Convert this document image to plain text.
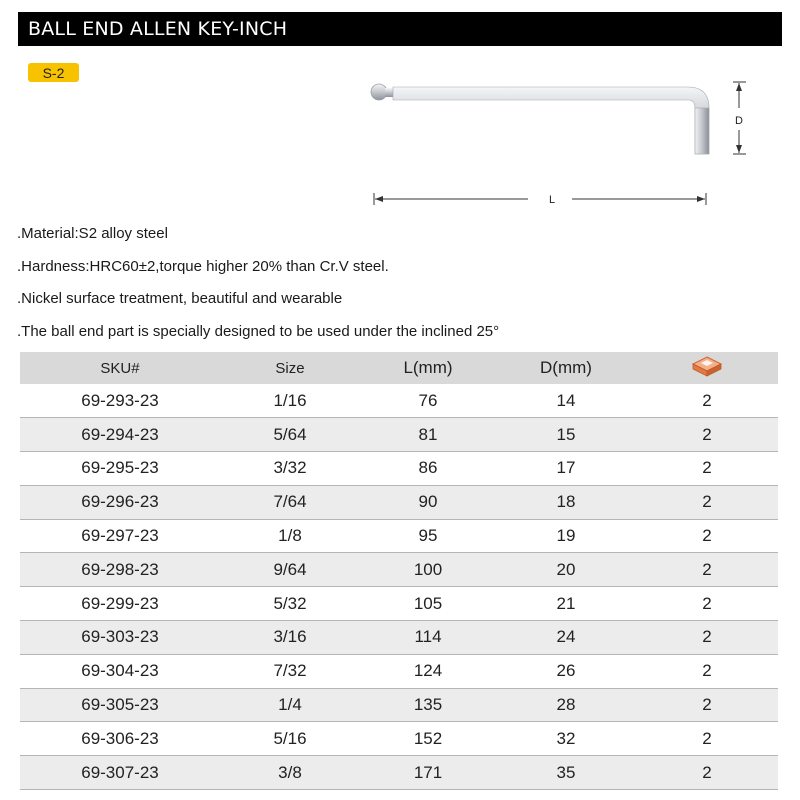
BALL END ALLEN KEY-INCH
S-2
D
L
.Material:S2 alloy steel
.Hardness:HRC60±2,torque higher 20% than Cr.V steel.
.Nickel surface treatment, beautiful and wearable
.The ball end part is specially designed to be used under the inclined 25°
SKU#	Size	L(mm)	D(mm)	
69-293-23	1/16	76	14	2
69-294-23	5/64	81	15	2
69-295-23	3/32	86	17	2
69-296-23	7/64	90	18	2
69-297-23	1/8	95	19	2
69-298-23	9/64	100	20	2
69-299-23	5/32	105	21	2
69-303-23	3/16	114	24	2
69-304-23	7/32	124	26	2
69-305-23	1/4	135	28	2
69-306-23	5/16	152	32	2
69-307-23	3/8	171	35	2
